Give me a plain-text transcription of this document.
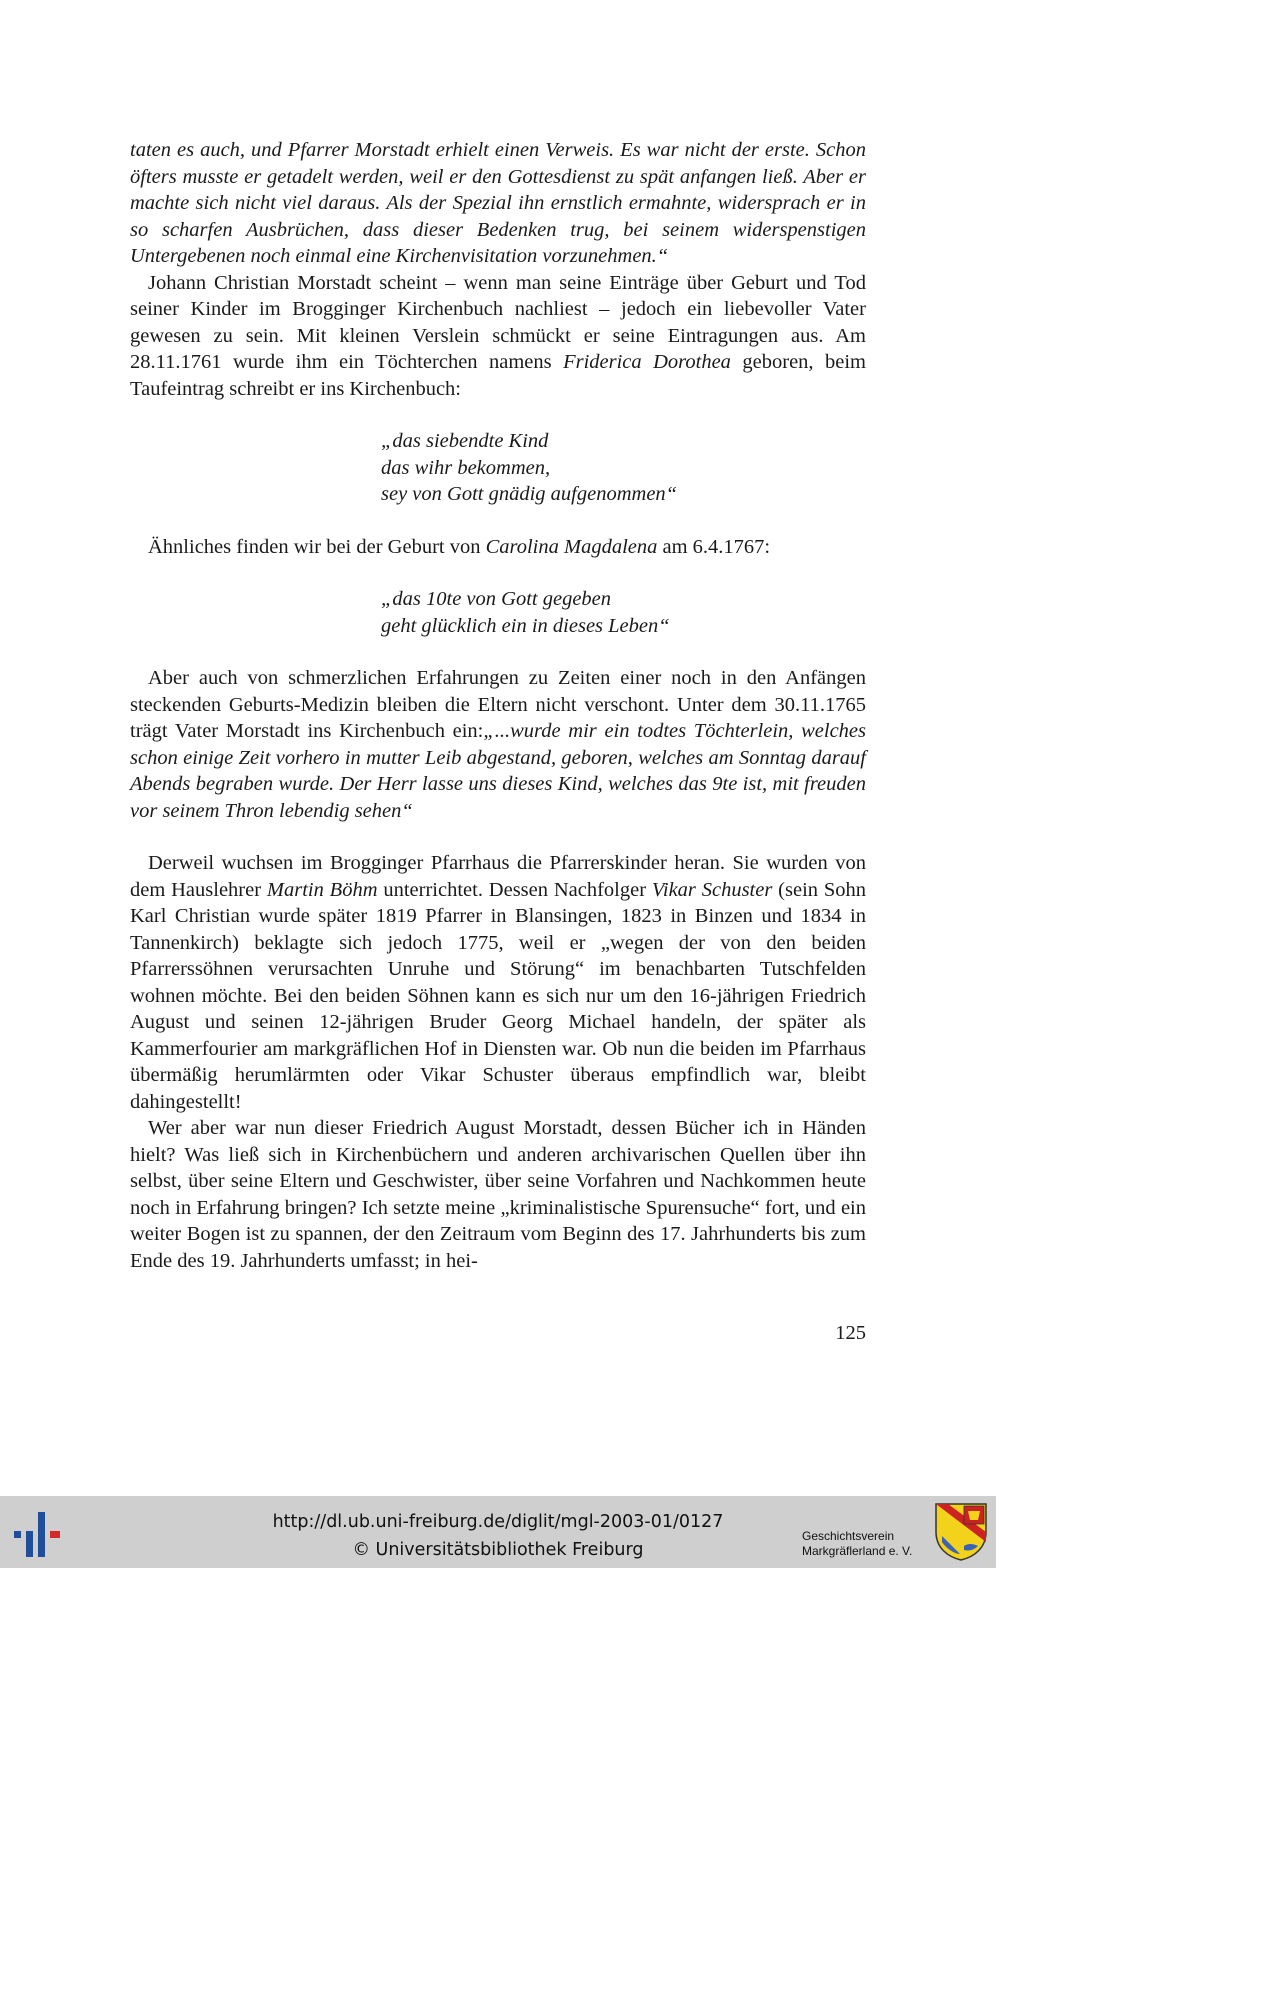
taten es auch, und Pfarrer Morstadt erhielt einen Verweis. Es war nicht der erste. Schon öfters musste er getadelt werden, weil er den Gottesdienst zu spät anfangen ließ. Aber er machte sich nicht viel daraus. Als der Spezial ihn ernstlich ermahnte, widersprach er in so scharfen Ausbrüchen, dass dieser Bedenken trug, bei seinem widerspenstigen Untergebenen noch einmal eine Kirchenvisitation vorzunehmen.“

Johann Christian Morstadt scheint – wenn man seine Einträge über Geburt und Tod seiner Kinder im Brogginger Kirchenbuch nachliest – jedoch ein liebevoller Vater gewesen zu sein. Mit kleinen Verslein schmückt er seine Eintragungen aus. Am 28.11.1761 wurde ihm ein Töchterchen namens Friderica Dorothea geboren, beim Taufeintrag schreibt er ins Kirchenbuch:

„das siebendte Kind
das wihr bekommen,
sey von Gott gnädig aufgenommen“

Ähnliches finden wir bei der Geburt von Carolina Magdalena am 6.4.1767:

„das 10te von Gott gegeben
geht glücklich ein in dieses Leben“

Aber auch von schmerzlichen Erfahrungen zu Zeiten einer noch in den Anfängen steckenden Geburts-Medizin bleiben die Eltern nicht verschont. Unter dem 30.11.1765 trägt Vater Morstadt ins Kirchenbuch ein:„...wurde mir ein todtes Töchterlein, welches schon einige Zeit vorhero in mutter Leib abgestand, geboren, welches am Sonntag darauf Abends begraben wurde. Der Herr lasse uns dieses Kind, welches das 9te ist, mit freuden vor seinem Thron lebendig sehen“

Derweil wuchsen im Brogginger Pfarrhaus die Pfarrerskinder heran. Sie wurden von dem Hauslehrer Martin Böhm unterrichtet. Dessen Nachfolger Vikar Schuster (sein Sohn Karl Christian wurde später 1819 Pfarrer in Blansingen, 1823 in Binzen und 1834 in Tannenkirch) beklagte sich jedoch 1775, weil er „wegen der von den beiden Pfarrerssöhnen verursachten Unruhe und Störung“ im benachbarten Tutschfelden wohnen möchte. Bei den beiden Söhnen kann es sich nur um den 16-jährigen Friedrich August und seinen 12-jährigen Bruder Georg Michael handeln, der später als Kammerfourier am markgräflichen Hof in Diensten war. Ob nun die beiden im Pfarrhaus übermäßig herumlärmten oder Vikar Schuster überaus empfindlich war, bleibt dahingestellt!

Wer aber war nun dieser Friedrich August Morstadt, dessen Bücher ich in Händen hielt? Was ließ sich in Kirchenbüchern und anderen archivarischen Quellen über ihn selbst, über seine Eltern und Geschwister, über seine Vorfahren und Nachkommen heute noch in Erfahrung bringen? Ich setzte meine „kriminalistische Spurensuche“ fort, und ein weiter Bogen ist zu spannen, der den Zeitraum vom Beginn des 17. Jahrhunderts bis zum Ende des 19. Jahrhunderts umfasst; in hei-

125
http://dl.ub.uni-freiburg.de/diglit/mgl-2003-01/0127
© Universitätsbibliothek Freiburg
Geschichtsverein
Markgräflerland e. V.
